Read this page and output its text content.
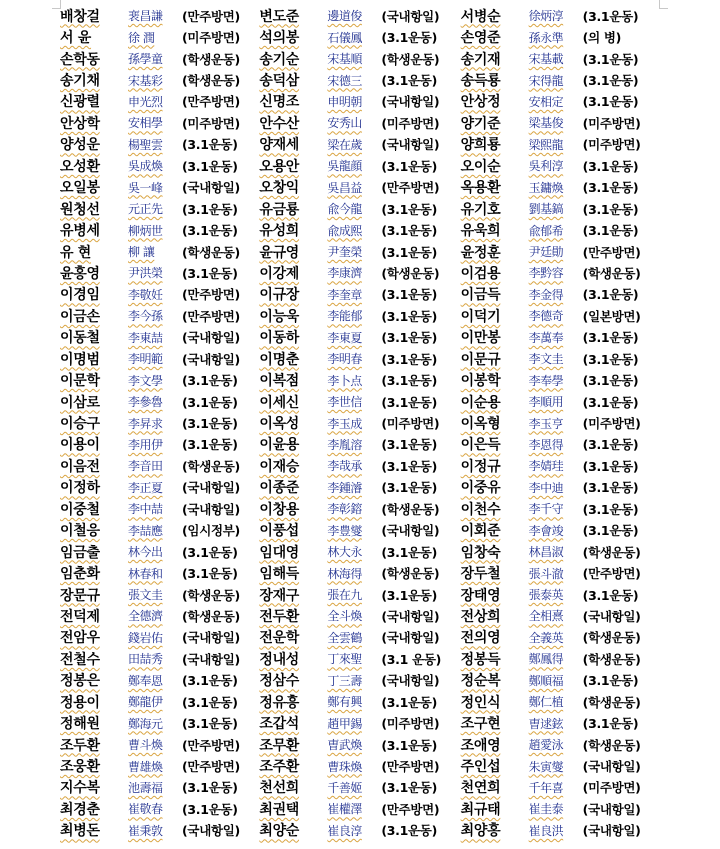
배창걸	裵昌謙	(만주방면) 변도준	邊道俊	(국내항일) 서병순	徐炳淳	(3.1운동)
서 윤	徐 潤	(미주방면) 석의봉	石儀鳳	(3.1운동) 손영준	孫永準	(의 병)
손학동	孫學童	(학생운동) 송기순	宋基順	(학생운동) 송기재	宋基載	(3.1운동)
송기채	宋基彩	(학생운동) 송덕삼	宋德三	(3.1운동) 송득룡	宋得龍	(3.1운동)
신광렬	申光烈	(만주방면) 신명조	申明朝	(국내항일) 안상정	安相定	(3.1운동)
안상학	安相學	(미주방면) 안수산	安秀山	(미주방면) 양기준	梁基俊	(미주방면)
양성운	楊聖雲	(3.1운동) 양재세	梁在歲	(국내항일) 양희룡	梁熙龍	(미주방면)
오성환	吳成煥	(3.1운동) 오용안	吳龍顔	(3.1운동) 오이순	吳利淳	(3.1운동)
오일봉	吳一峰	(국내항일) 오창익	吳昌益	(만주방면) 옥용환	玉鏞煥	(3.1운동)
원청선	元正先	(3.1운동) 유금룡	兪今龍	(3.1운동) 유기호	劉基鎬	(3.1운동)
유병세	柳炳世	(3.1운동) 유성희	兪成熙	(3.1운동) 유욱희	兪郁希	(3.1운동)
유 현	柳 讓	(학생운동) 윤규영	尹奎榮	(3.1운동) 윤정훈	尹廷勛	(만주방면)
윤홍영	尹洪榮	(3.1운동) 이강제	李康濟	(학생운동) 이검용	李黔容	(학생운동)
이경임	李敬妊	(만주방면) 이규장	李奎章	(3.1운동) 이금득	李金得	(3.1운동)
이금손	李今孫	(만주방면) 이능욱	李能郁	(3.1운동) 이덕기	李德奇	(일본방면)
이동철	李東喆	(국내항일) 이동하	李東夏	(3.1운동) 이만봉	李萬奉	(3.1운동)
이명범	李明範	(국내항일) 이명춘	李明春	(3.1운동) 이문규	李文圭	(3.1운동)
이문학	李文學	(3.1운동) 이복점	李卜点	(3.1운동) 이봉학	李奉學	(3.1운동)
이삼로	李參魯	(3.1운동) 이세신	李世信	(3.1운동) 이순용	李順用	(3.1운동)
이승구	李昇求	(3.1운동) 이옥성	李玉成	(미주방면) 이옥형	李玉亨	(미주방면)
이용이	李用伊	(3.1운동) 이윤용	李胤溶	(3.1운동) 이은득	李恩得	(3.1운동)
이음전	李音田	(학생운동) 이재승	李哉承	(3.1운동) 이정규	李婧珪	(3.1운동)
이정하	李正夏	(국내항일) 이종준	李鍾濬	(3.1운동) 이중유	李中迪	(3.1운동)
이중철	李中喆	(국내항일) 이창용	李彰鎔	(학생운동) 이천수	李千守	(3.1운동)
이철응	李喆應	(임시정부) 이풍섭	李豊燮	(국내항일) 이회준	李會竣	(3.1운동)
임금출	林今出	(3.1운동) 임대영	林大永	(3.1운동) 임창숙	林昌淑	(학생운동)
임춘화	林春和	(3.1운동) 임해득	林海得	(학생운동) 장두철	張斗澈	(만주방면)
장문규	張文圭	(학생운동) 장재구	張在九	(3.1운동) 장태영	張泰英	(3.1운동)
전덕제	全德濟	(학생운동) 전두환	全斗煥	(국내항일) 전상희	全相熹	(국내항일)
전암우	錢岩佑	(국내항일) 전운학	全雲鶴	(국내항일) 전의영	全義英	(학생운동)
전철수	田喆秀	(국내항일) 정내성	丁來聖	(3.1 운동) 정봉득	鄭鳳得	(학생운동)
정봉은	鄭奉恩	(3.1운동) 정삼수	丁三壽	(국내항일) 정순복	鄭順福	(3.1운동)
정용이	鄭龍伊	(3.1운동) 정유흥	鄭有興	(3.1운동) 정인식	鄭仁植	(학생운동)
정해원	鄭海元	(3.1운동) 조갑석	趙甲錫	(미주방면) 조구현	曺逑鉉	(3.1운동)
조두환	曹斗煥	(만주방면) 조무환	曺武煥	(3.1운동) 조애영	趙愛泳	(학생운동)
조웅환	曹雄煥	(만주방면) 조주환	曹珠煥	(만주방면) 주인섭	朱寅燮	(국내항일)
지수복	池壽福	(3.1운동) 천선희	千善姬	(3.1운동) 천연희	千年喜	(미주방면)
최경춘	崔敬春	(3.1운동) 최권택	崔權澤	(만주방면) 최규태	崔圭泰	(국내항일)
최병돈	崔秉敦	(국내항일) 최양순	崔良淳	(3.1운동) 최양홍	崔良洪	(국내항일)
